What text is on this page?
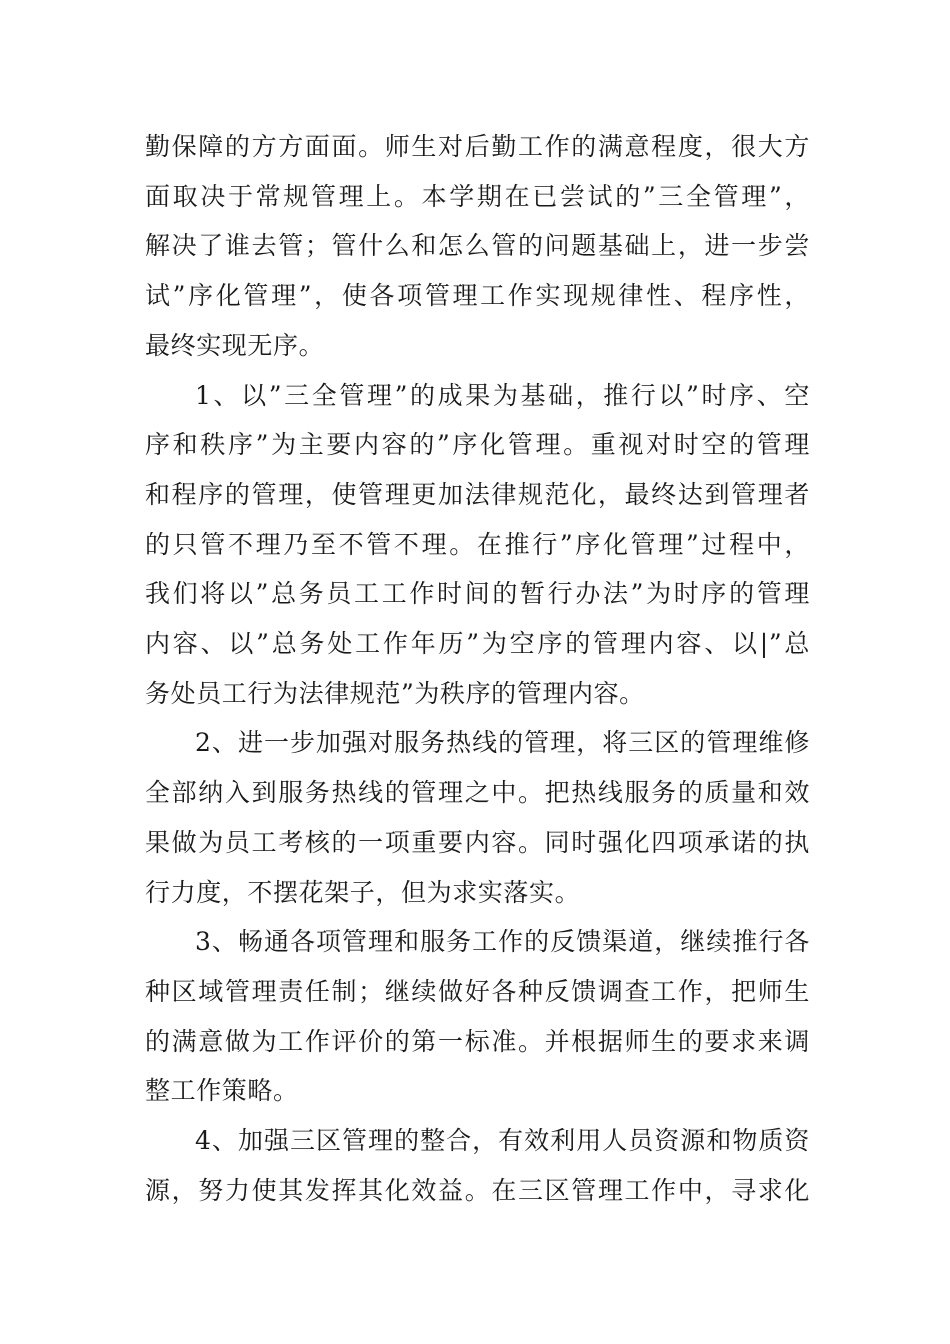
勤保障的方方面面。师生对后勤工作的满意程度，很大方
面取决于常规管理上。本学期在已尝试的”三全管理”，
解决了谁去管；管什么和怎么管的问题基础上，进一步尝
试”序化管理”，使各项管理工作实现规律性、程序性，
最终实现无序。

1、以”三全管理”的成果为基础，推行以”时序、空
序和秩序”为主要内容的”序化管理。重视对时空的管理
和程序的管理，使管理更加法律规范化，最终达到管理者
的只管不理乃至不管不理。在推行”序化管理”过程中，
我们将以”总务员工工作时间的暂行办法”为时序的管理
内容、以”总务处工作年历”为空序的管理内容、以|”总
务处员工行为法律规范”为秩序的管理内容。

2、进一步加强对服务热线的管理，将三区的管理维修
全部纳入到服务热线的管理之中。把热线服务的质量和效
果做为员工考核的一项重要内容。同时强化四项承诺的执
行力度，不摆花架子，但为求实落实。

3、畅通各项管理和服务工作的反馈渠道，继续推行各
种区域管理责任制；继续做好各种反馈调查工作，把师生
的满意做为工作评价的第一标准。并根据师生的要求来调
整工作策略。

4、加强三区管理的整合，有效利用人员资源和物质资
源，努力使其发挥其化效益。在三区管理工作中，寻求化
